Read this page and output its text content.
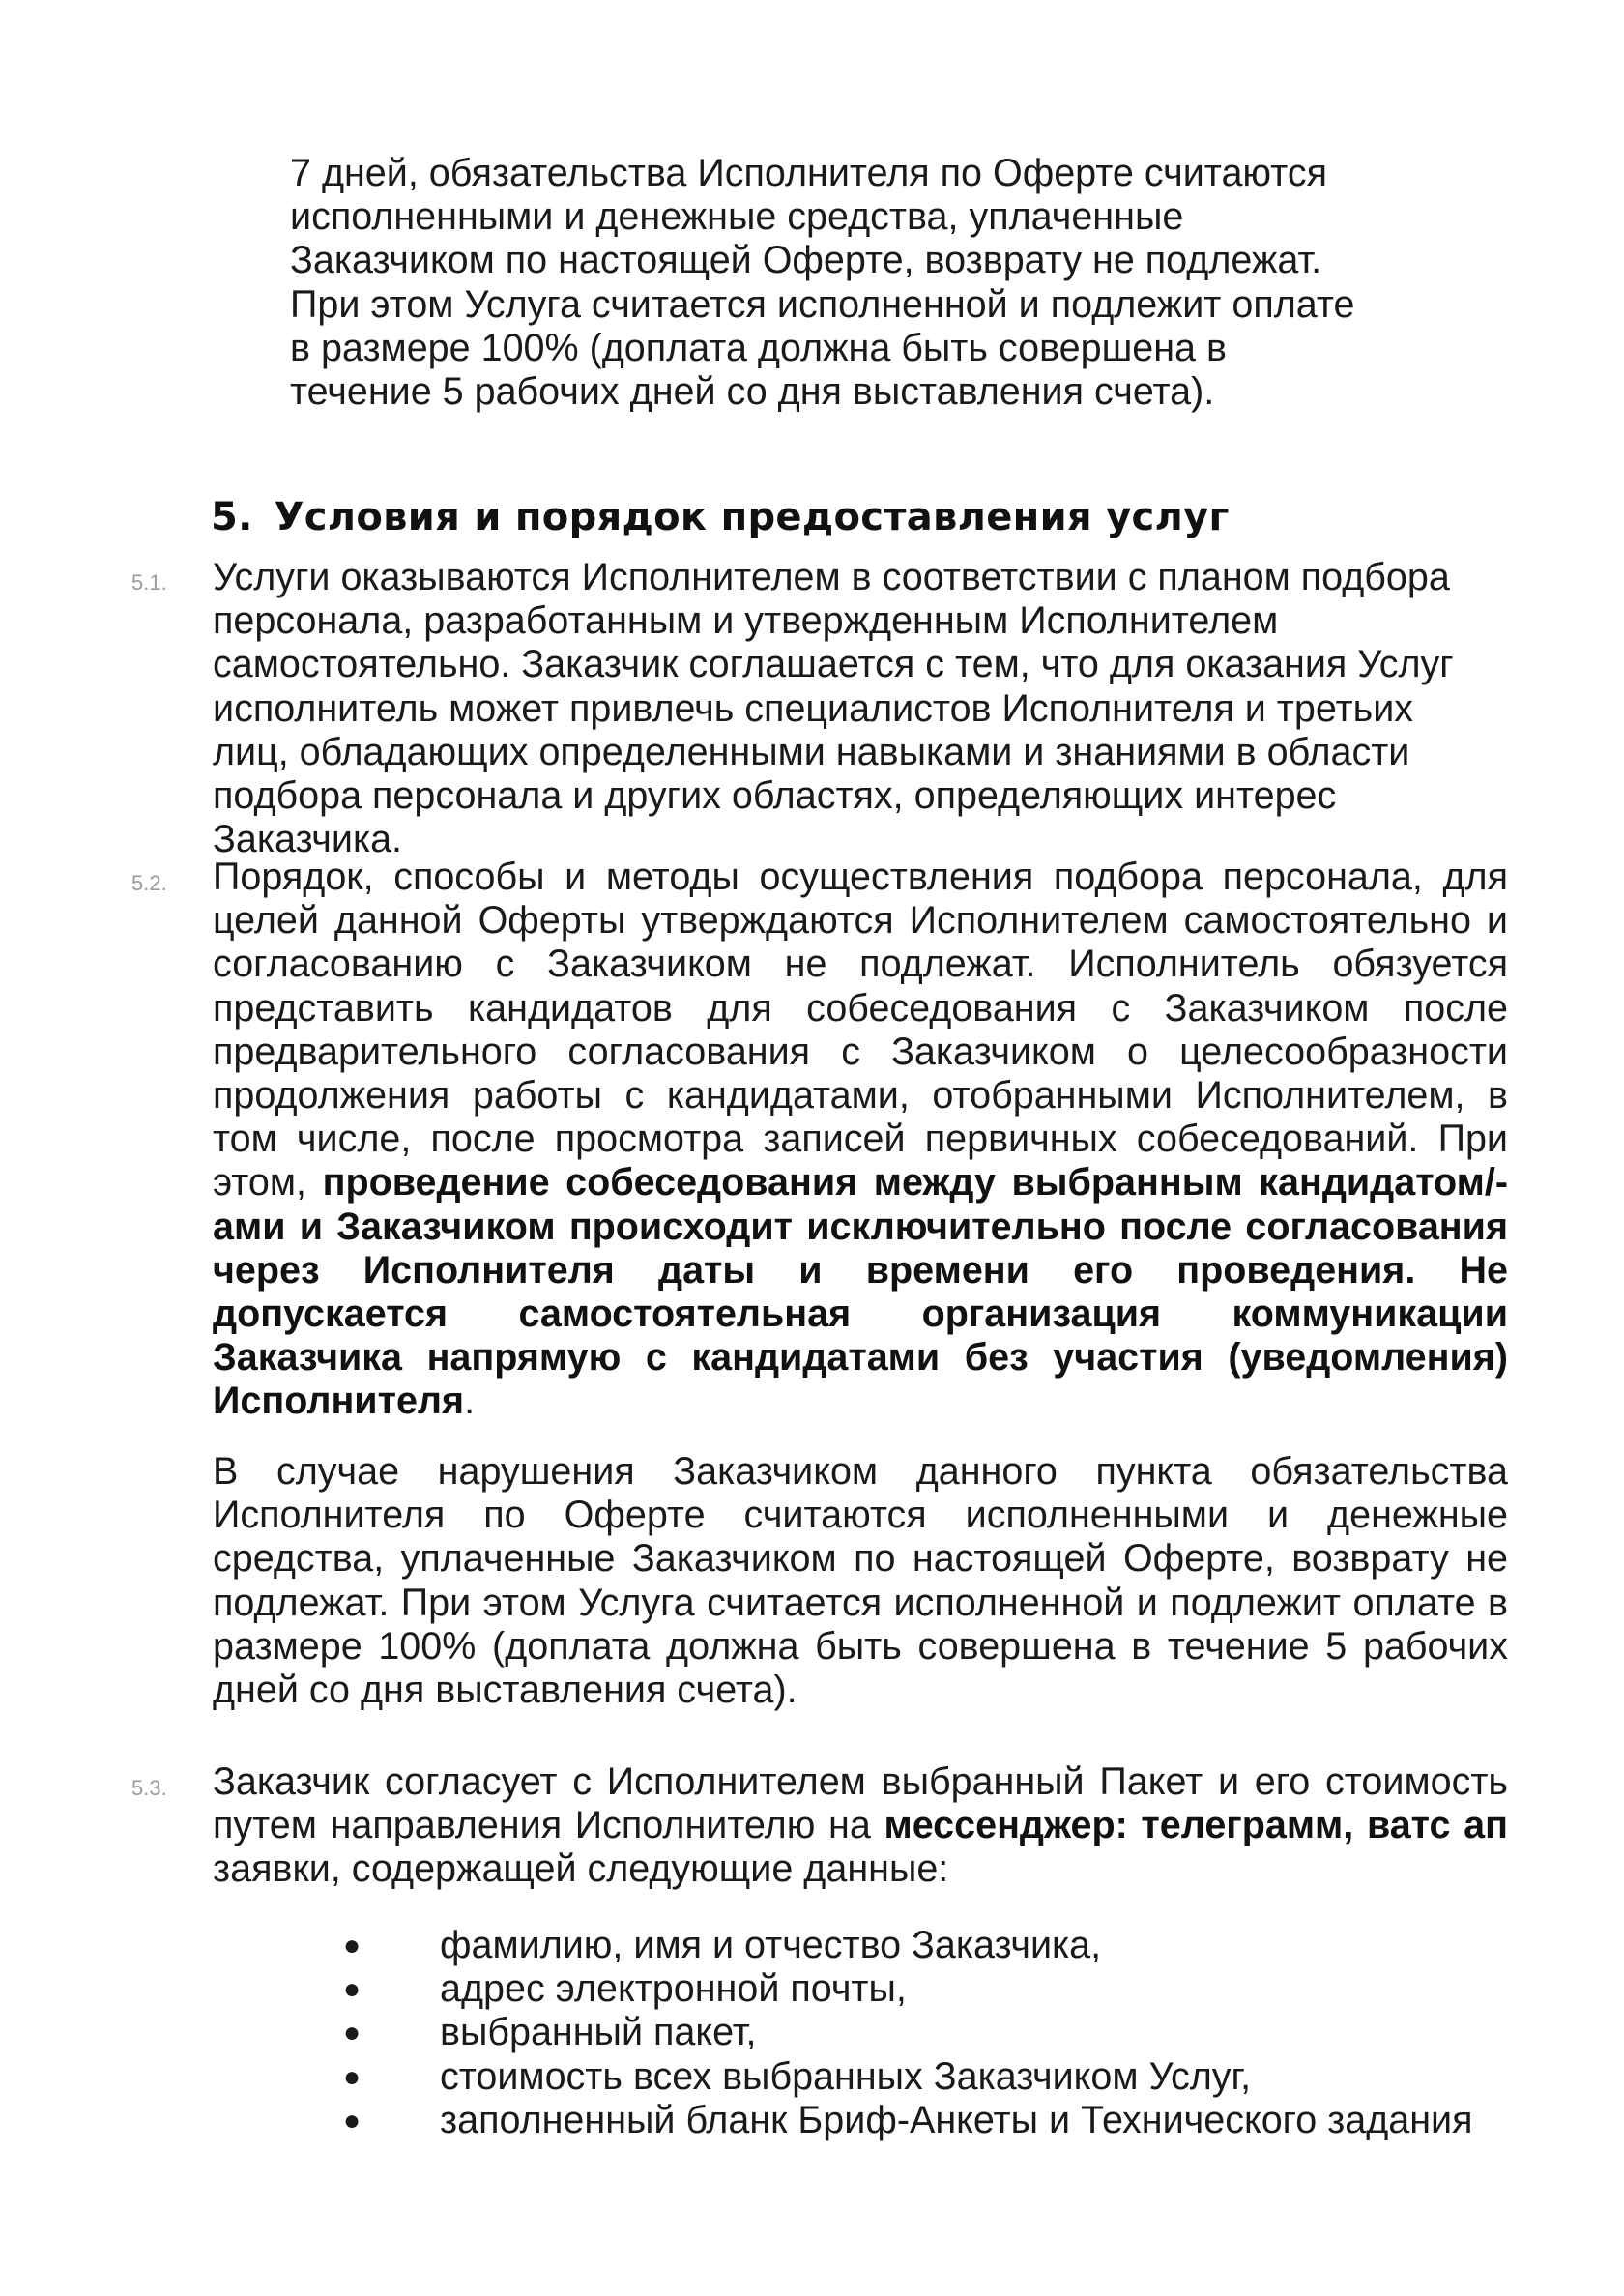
7 дней, обязательства Исполнителя по Оферте считаются исполненными и денежные средства, уплаченные Заказчиком по настоящей Оферте, возврату не подлежат. При этом Услуга считается исполненной и подлежит оплате в размере 100% (доплата должна быть совершена в течение 5 рабочих дней со дня выставления счета).

5. Условия и порядок предоставления услуг
5.1. Услуги оказываются Исполнителем в соответствии с планом подбора персонала, разработанным и утвержденным Исполнителем самостоятельно. Заказчик соглашается с тем, что для оказания Услуг исполнитель может привлечь специалистов Исполнителя и третьих лиц, обладающих определенными навыками и знаниями в области подбора персонала и других областях, определяющих интерес Заказчика.

5.2. Порядок, способы и методы осуществления подбора персонала, для целей данной Оферты утверждаются Исполнителем самостоятельно и согласованию с Заказчиком не подлежат. Исполнитель обязуется представить кандидатов для собеседования с Заказчиком после предварительного согласования с Заказчиком о целесообразности продолжения работы с кандидатами, отобранными Исполнителем, в том числе, после просмотра записей первичных собеседований. При этом, проведение собеседования между выбранным кандидатом/-ами и Заказчиком происходит исключительно после согласования через Исполнителя даты и времени его проведения. Не допускается самостоятельная организация коммуникации Заказчика напрямую с кандидатами без участия (уведомления) Исполнителя.

В случае нарушения Заказчиком данного пункта обязательства Исполнителя по Оферте считаются исполненными и денежные средства, уплаченные Заказчиком по настоящей Оферте, возврату не подлежат. При этом Услуга считается исполненной и подлежит оплате в размере 100% (доплата должна быть совершена в течение 5 рабочих дней со дня выставления счета).

5.3. Заказчик согласует с Исполнителем выбранный Пакет и его стоимость путем направления Исполнителю на мессенджер: телеграмм, ватс ап заявки, содержащей следующие данные:

● фамилию, имя и отчество Заказчика,
● адрес электронной почты,
● выбранный пакет,
● стоимость всех выбранных Заказчиком Услуг,
● заполненный бланк Бриф-Анкеты и Технического задания
